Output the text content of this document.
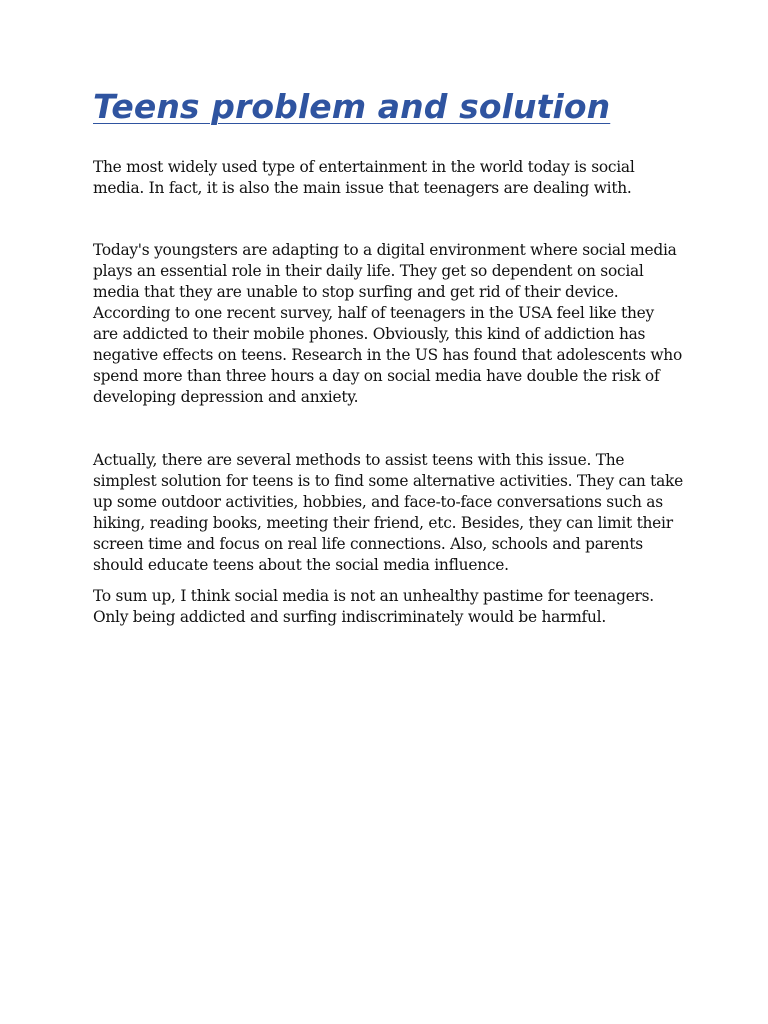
Teens problem and solution

The most widely used type of entertainment in the world today is social media. In fact, it is also the main issue that teenagers are dealing with.

Today's youngsters are adapting to a digital environment where social media plays an essential role in their daily life. They get so dependent on social media that they are unable to stop surfing and get rid of their device. According to one recent survey, half of teenagers in the USA feel like they are addicted to their mobile phones. Obviously, this kind of addiction has negative effects on teens. Research in the US has found that adolescents who spend more than three hours a day on social media have double the risk of developing depression and anxiety.

Actually, there are several methods to assist teens with this issue. The simplest solution for teens is to find some alternative activities. They can take up some outdoor activities, hobbies, and face-to-face conversations such as hiking, reading books, meeting their friend, etc. Besides, they can limit their screen time and focus on real life connections. Also, schools and parents should educate teens about the social media influence.

To sum up, I think social media is not an unhealthy pastime for teenagers. Only being addicted and surfing indiscriminately would be harmful.
